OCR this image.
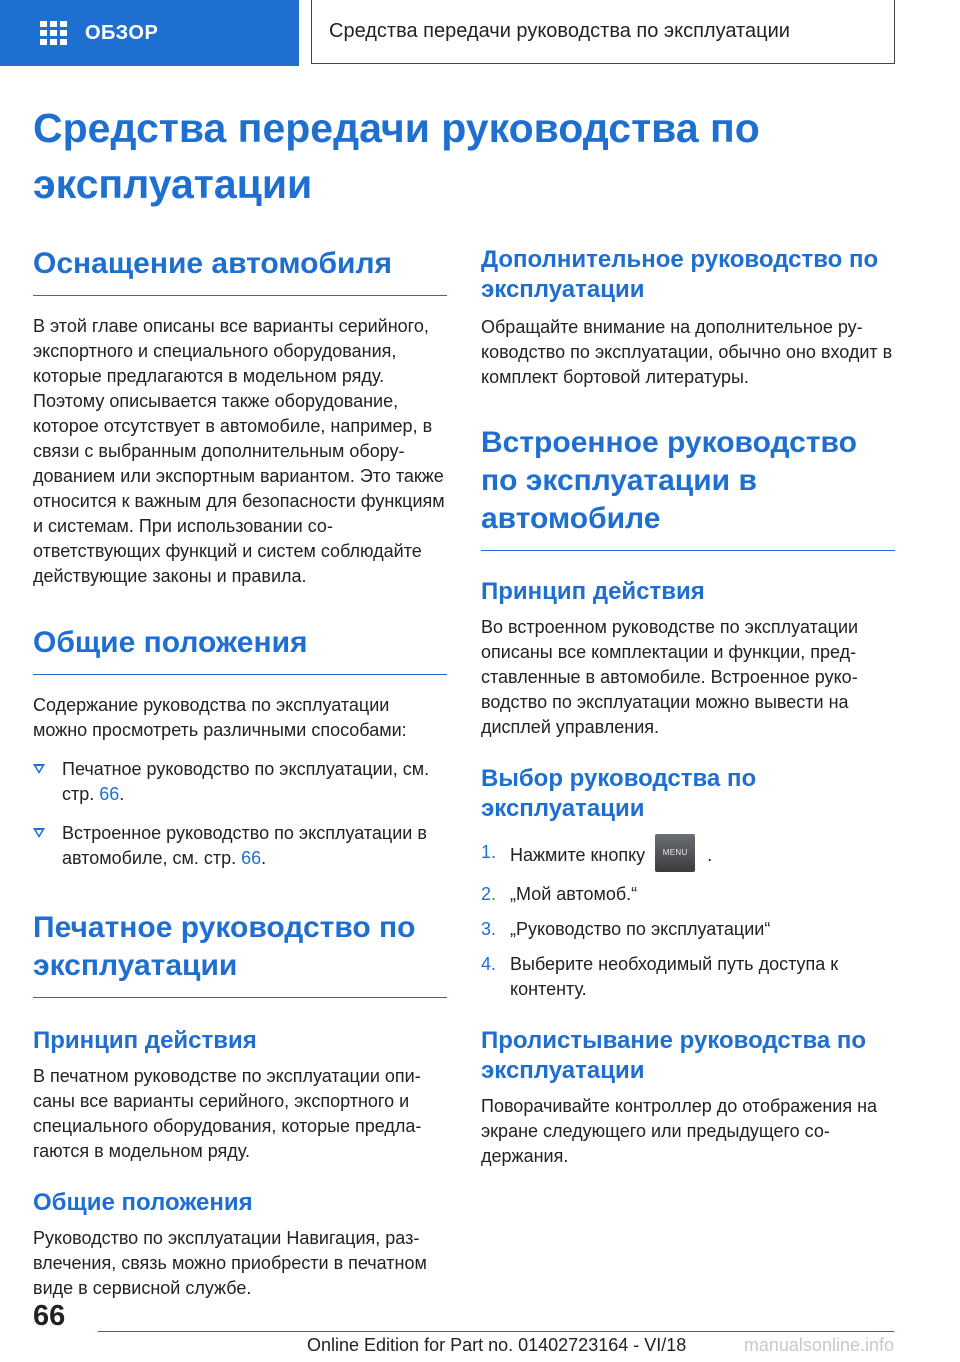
ОБЗОР	Средства передачи руководства по эксплуатации
Средства передачи руководства по эксплуатации
Оснащение автомобиля

В этой главе описаны все варианты серийного, экспортного и специального оборудования, которые предлагаются в модельном ряду. Поэтому описывается также оборудование, которое отсутствует в автомобиле, например, в связи с выбранным дополнительным оборудованием или экспортным вариантом. Это также относится к важным для безопасности функциям и системам. При использовании соответствующих функций и систем соблюдайте действующие законы и правила.

Общие положения

Содержание руководства по эксплуатации можно просмотреть различными способами:

Печатное руководство по эксплуатации, см. стр. 66.
Встроенное руководство по эксплуатации в автомобиле, см. стр. 66.
Печатное руководство по эксплуатации
Принцип действия

В печатном руководстве по эксплуатации описаны все варианты серийного, экспортного и специального оборудования, которые предлагаются в модельном ряду.

Общие положения

Руководство по эксплуатации Навигация, развлечения, связь можно приобрести в печатном виде в сервисной службе.

Дополнительное руководство по эксплуатации

Обращайте внимание на дополнительное руководство по эксплуатации, обычно оно входит в комплект бортовой литературы.

Встроенное руководство по эксплуатации в автомобиле
Принцип действия

Во встроенном руководстве по эксплуатации описаны все комплектации и функции, представленные в автомобиле. Встроенное руководство по эксплуатации можно вывести на дисплей управления.

Выбор руководства по эксплуатации
1. Нажмите кнопку MENU .
2. „Мой автомоб.“
3. „Руководство по эксплуатации“
4. Выберите необходимый путь доступа к контенту.
Пролистывание руководства по эксплуатации

Поворачивайте контроллер до отображения на экране следующего или предыдущего содержания.

66
Online Edition for Part no. 01402723164 - VI/18	manualsonline.info
